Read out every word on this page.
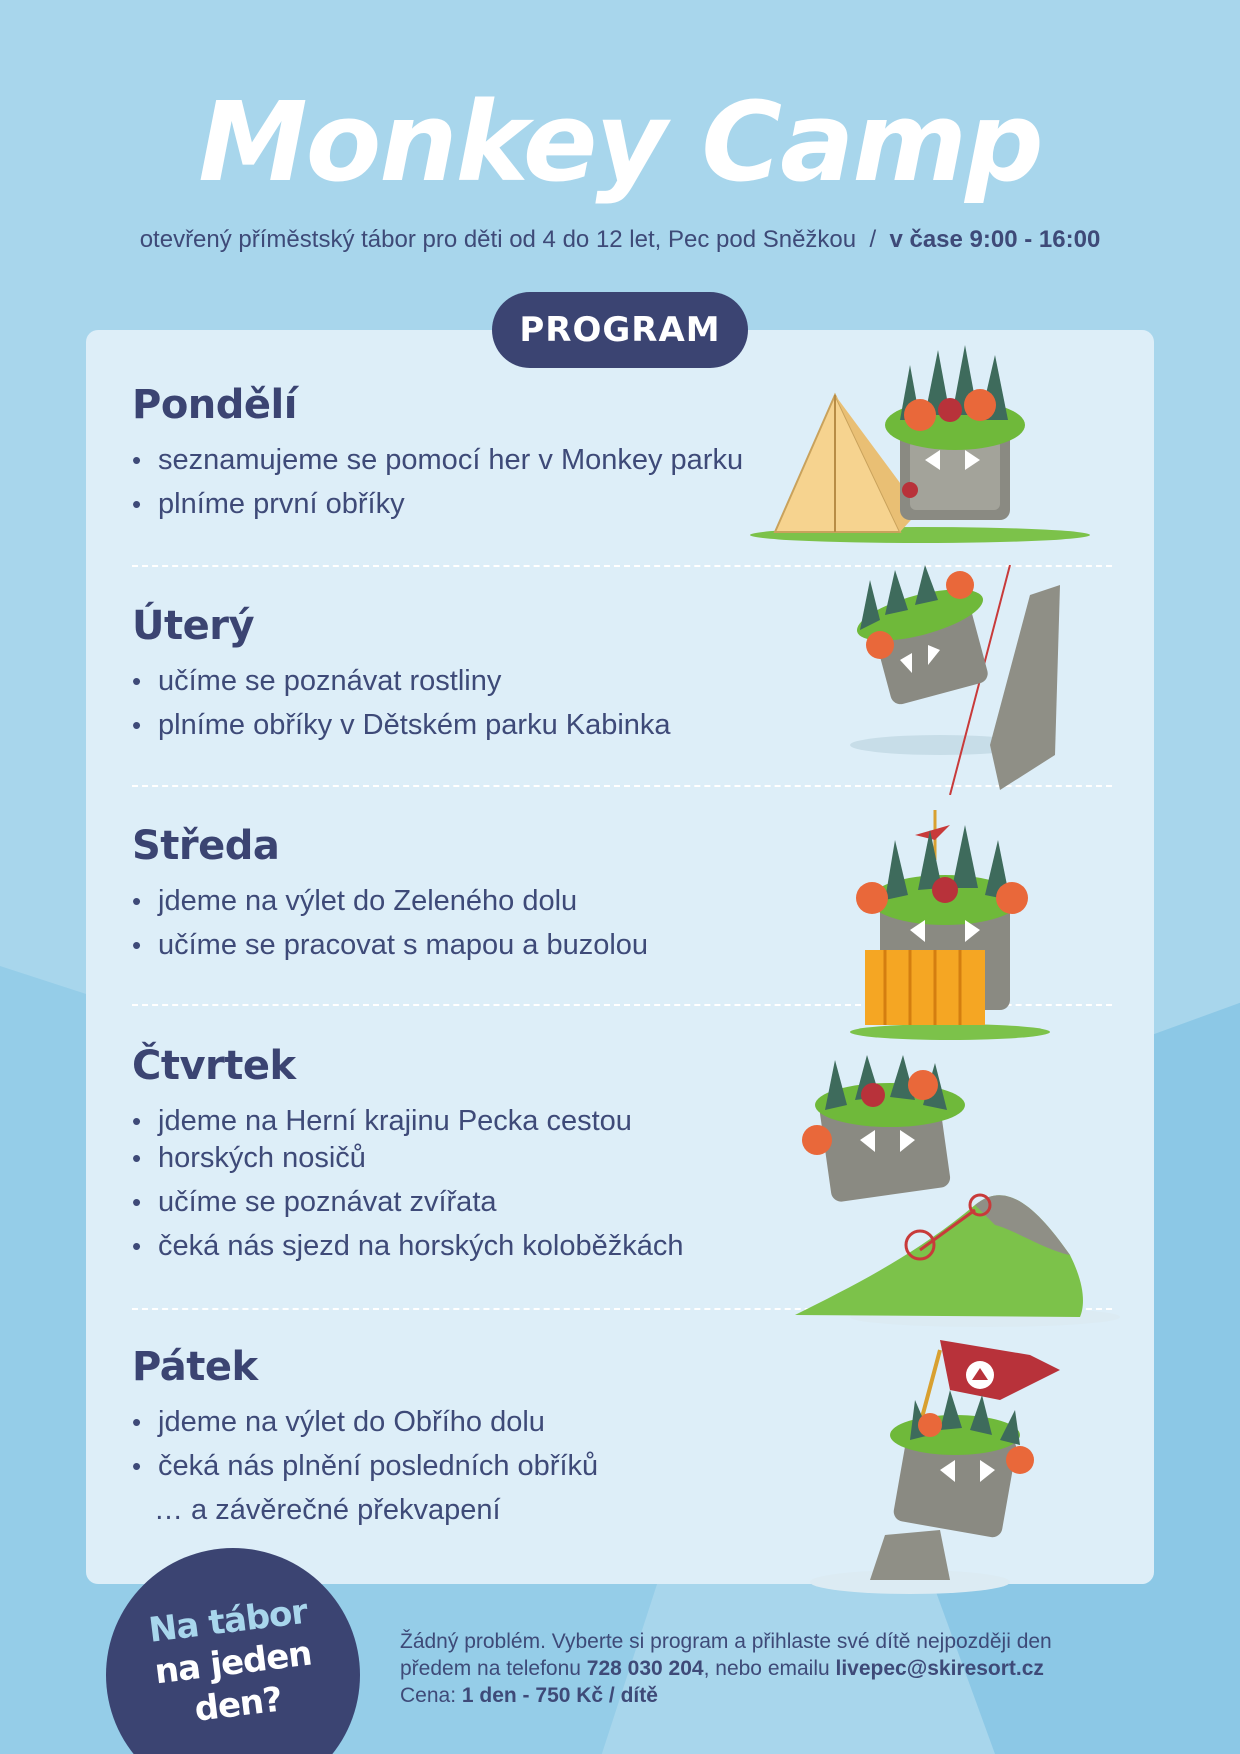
Monkey Camp
otevřený příměstský tábor pro děti od 4 do 12 let, Pec pod Sněžkou  /  v čase 9:00 - 16:00
PROGRAM
Pondělí
• seznamujeme se pomocí her v Monkey parku
• plníme první obříky
Úterý
• učíme se poznávat rostliny
• plníme obříky v Dětském parku Kabinka
Středa
• jdeme na výlet do Zeleného dolu
• učíme se pracovat s mapou a buzolou
Čtvrtek
• jdeme na Herní krajinu Pecka cestou
• horských nosičů
• učíme se poznávat zvířata
• čeká nás sjezd na horských koloběžkách
Pátek
• jdeme na výlet do Obřího dolu
• čeká nás plnění posledních obříků
… a závěrečné překvapení
Na tábor
na jeden
den?
Žádný problém. Vyberte si program a přihlaste své dítě nejpozději den
předem na telefonu 728 030 204, nebo emailu livepec@skiresort.cz
Cena: 1 den - 750 Kč / dítě
